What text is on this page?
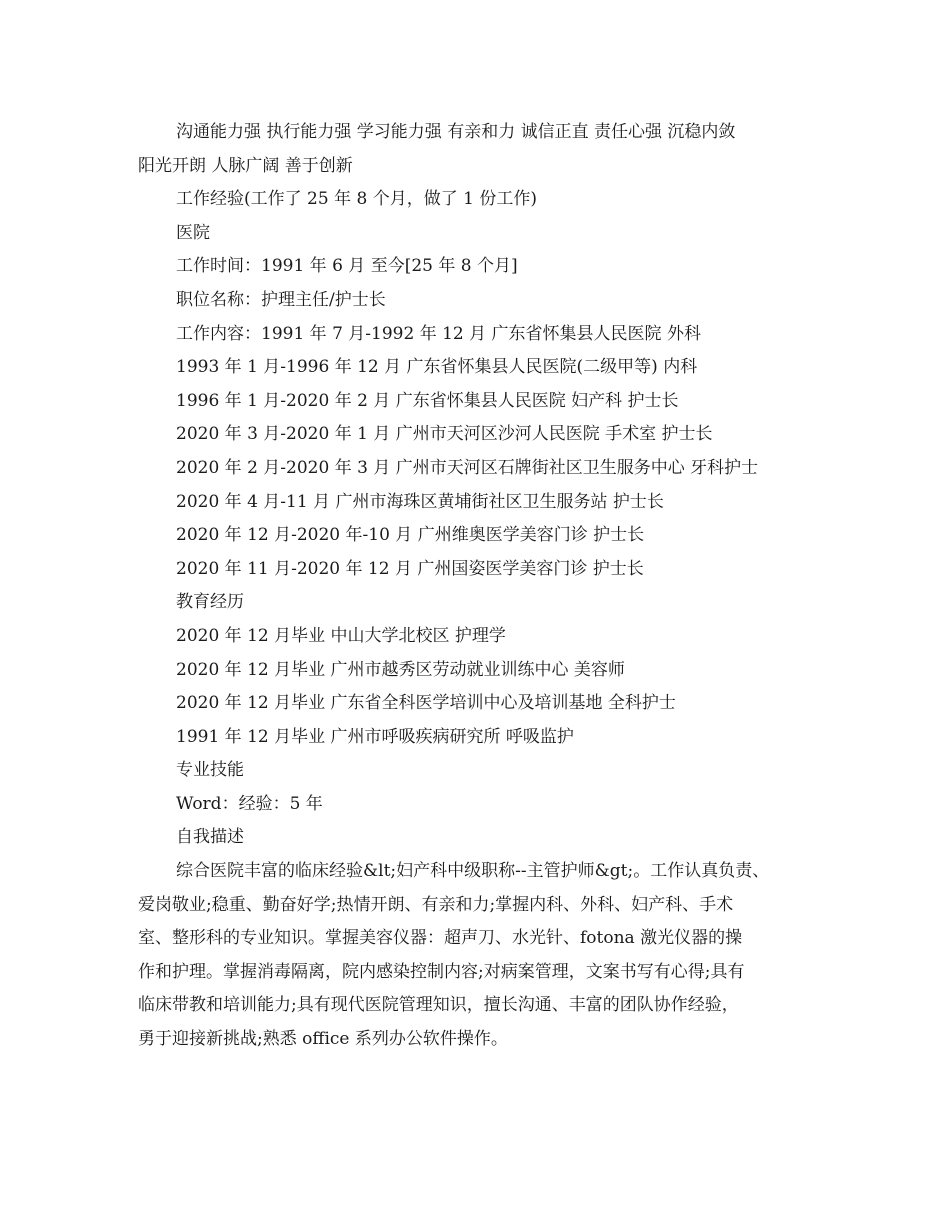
沟通能力强 执行能力强 学习能力强 有亲和力 诚信正直 责任心强 沉稳内敛
阳光开朗 人脉广阔 善于创新
工作经验(工作了 25 年 8 个月，做了 1 份工作)
医院
工作时间：1991 年 6 月 至今[25 年 8 个月]
职位名称：护理主任/护士长
工作内容：1991 年 7 月-1992 年 12 月 广东省怀集县人民医院 外科
1993 年 1 月-1996 年 12 月 广东省怀集县人民医院(二级甲等) 内科
1996 年 1 月-2020 年 2 月 广东省怀集县人民医院 妇产科 护士长
2020 年 3 月-2020 年 1 月 广州市天河区沙河人民医院 手术室 护士长
2020 年 2 月-2020 年 3 月 广州市天河区石牌街社区卫生服务中心 牙科护士
2020 年 4 月-11 月 广州市海珠区黄埔街社区卫生服务站 护士长
2020 年 12 月-2020 年-10 月 广州维奥医学美容门诊 护士长
2020 年 11 月-2020 年 12 月 广州国姿医学美容门诊 护士长
教育经历
2020 年 12 月毕业 中山大学北校区 护理学
2020 年 12 月毕业 广州市越秀区劳动就业训练中心 美容师
2020 年 12 月毕业 广东省全科医学培训中心及培训基地 全科护士
1991 年 12 月毕业 广州市呼吸疾病研究所 呼吸监护
专业技能
Word：经验：5 年
自我描述
综合医院丰富的临床经验&lt;妇产科中级职称--主管护师&gt;。工作认真负责、
爱岗敬业;稳重、勤奋好学;热情开朗、有亲和力;掌握内科、外科、妇产科、手术
室、整形科的专业知识。掌握美容仪器：超声刀、水光针、fotona 激光仪器的操
作和护理。掌握消毒隔离，院内感染控制内容;对病案管理，文案书写有心得;具有
临床带教和培训能力;具有现代医院管理知识，擅长沟通、丰富的团队协作经验，
勇于迎接新挑战;熟悉 office 系列办公软件操作。
